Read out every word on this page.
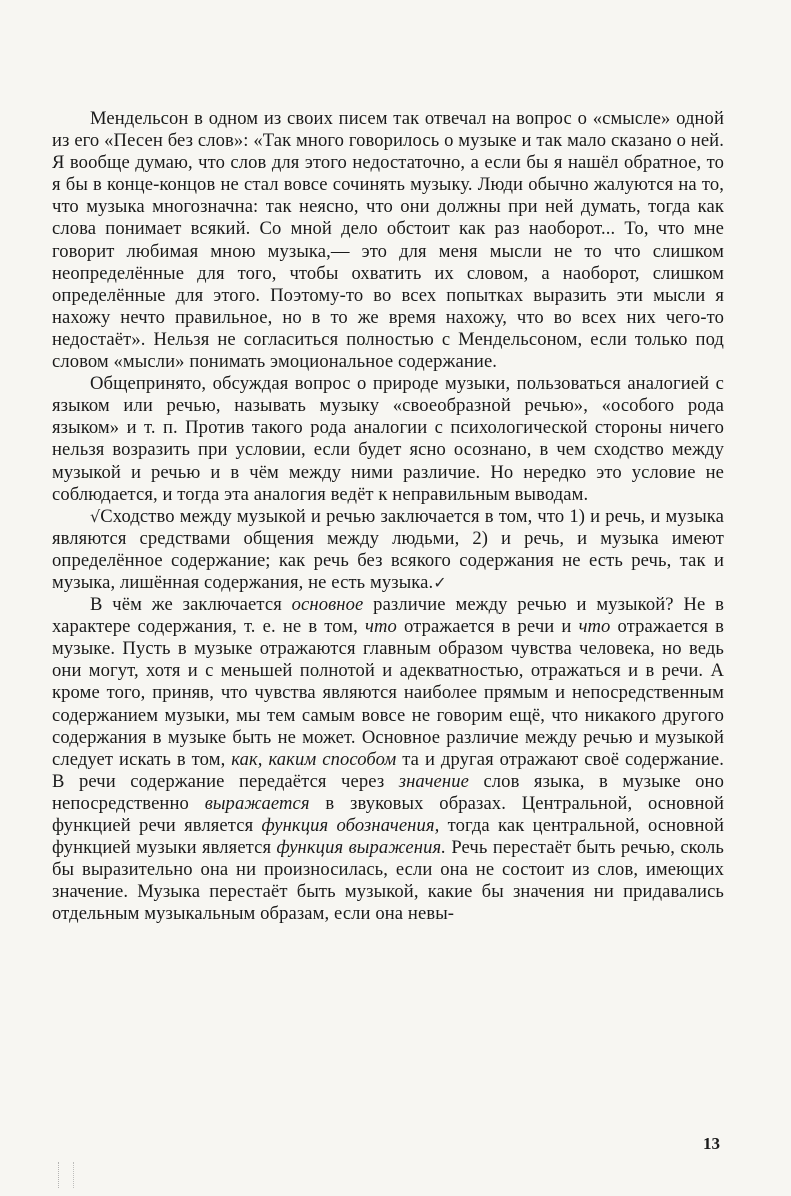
Мендельсон в одном из своих писем так отвечал на вопрос о «смысле» одной из его «Песен без слов»: «Так много говорилось о музыке и так мало сказано о ней. Я вообще думаю, что слов для этого недостаточно, а если бы я нашёл обратное, то я бы в конце-концов не стал вовсе сочинять музыку. Люди обычно жалуются на то, что музыка многозначна: так неясно, что они должны при ней думать, тогда как слова понимает всякий. Со мной дело обстоит как раз наоборот... То, что мне говорит любимая мною музыка,— это для меня мысли не то что слишком неопределённые для того, чтобы охватить их словом, а наоборот, слишком определённые для этого. Поэтому-то во всех попытках выразить эти мысли я нахожу нечто правильное, но в то же время нахожу, что во всех них чего-то недостаёт». Нельзя не согласиться полностью с Мендельсоном, если только под словом «мысли» понимать эмоциональное содержание.

Общепринято, обсуждая вопрос о природе музыки, пользоваться аналогией с языком или речью, называть музыку «своеобразной речью», «особого рода языком» и т. п. Против такого рода аналогии с психологической стороны ничего нельзя возразить при условии, если будет ясно осознано, в чем сходство между музыкой и речью и в чём между ними различие. Но нередко это условие не соблюдается, и тогда эта аналогия ведёт к неправильным выводам.

√Сходство между музыкой и речью заключается в том, что 1) и речь, и музыка являются средствами общения между людьми, 2) и речь, и музыка имеют определённое содержание; как речь без всякого содержания не есть речь, так и музыка, лишённая содержания, не есть музыка.✓

В чём же заключается основное различие между речью и музыкой? Не в характере содержания, т. е. не в том, что отражается в речи и что отражается в музыке. Пусть в музыке отражаются главным образом чувства человека, но ведь они могут, хотя и с меньшей полнотой и адекватностью, отражаться и в речи. А кроме того, приняв, что чувства являются наиболее прямым и непосредственным содержанием музыки, мы тем самым вовсе не говорим ещё, что никакого другого содержания в музыке быть не может. Основное различие между речью и музыкой следует искать в том, как, каким способом та и другая отражают своё содержание. В речи содержание передаётся через значение слов языка, в музыке оно непосредственно выражается в звуковых образах. Центральной, основной функцией речи является функция обозначения, тогда как центральной, основной функцией музыки является функция выражения. Речь перестаёт быть речью, сколь бы выразительно она ни произносилась, если она не состоит из слов, имеющих значение. Музыка перестаёт быть музыкой, какие бы значения ни придавались отдельным музыкальным образам, если она невы-

13
